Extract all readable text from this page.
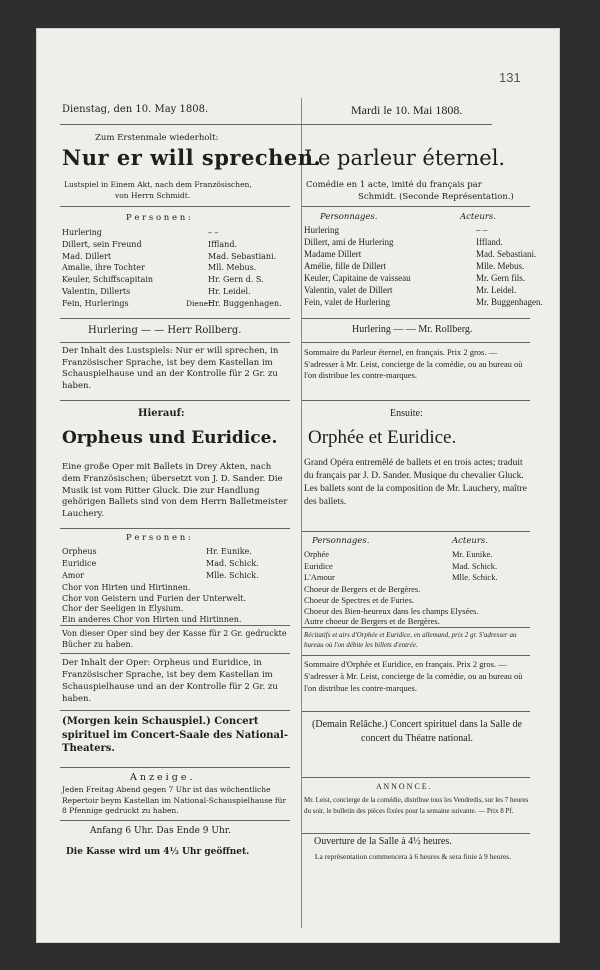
131
Dienstag, den 10. May 1808.	Mardi le 10. Mai 1808.
Zum Erstenmale wiederholt:
Nur er will sprechen.
Lustspiel in Einem Akt, nach dem Französischen,
von Herrn Schmidt.
P e r s o n e n :
Hurlering	– –
Dillert, sein Freund	Iffland.
Mad. Dillert	Mad. Sebastiani.
Amalie, ihre Tochter	Mll. Mebus.
Keuler, Schiffscapitain	Hr. Gern d. S.
Valentin, Dillerts	Hr. Leidel.
Fein, Hurlerings	Hr. Buggenhagen.
Diener.
Hurlering — — Herr Rollberg.
Der Inhalt des Lustspiels: Nur er will sprechen, in Französischer Sprache, ist bey dem Kastellan im Schauspielhause und an der Kontrolle für 2 Gr. zu haben.
Hierauf:
Orpheus und Euridice.
Eine große Oper mit Ballets in Drey Akten, nach dem Französischen; übersetzt von J. D. Sander. Die Musik ist vom Ritter Gluck. Die zur Handlung gehörigen Ballets sind von dem Herrn Balletmeister Lauchery.
P e r s o n e n :
Orpheus	Hr. Eunike.
Euridice	Mad. Schick.
Amor	Mlle. Schick.
Chor von Hirten und Hirtinnen.
Chor von Geistern und Furien der Unterwelt.
Chor der Seeligen in Elysium.
Ein anderes Chor von Hirten und Hirtinnen.
Von dieser Oper sind bey der Kasse für 2 Gr. gedruckte Bücher zu haben.
Der Inhalt der Oper: Orpheus und Euridice, in Französischer Sprache, ist bey dem Kastellan im Schauspielhause und an der Kontrolle für 2 Gr. zu haben.
(Morgen kein Schauspiel.) Concert spirituel im Concert-Saale des National-Theaters.
A n z e i g e .
Jeden Freitag Abend gegen 7 Uhr ist das wöchentliche Repertoir beym Kastellan im National-Schauspielhause für 8 Pfennige gedruckt zu haben.
Anfang 6 Uhr. Das Ende 9 Uhr.
Die Kasse wird um 4½ Uhr geöffnet.
Le parleur éternel.
Comédie en 1 acte, imité du français par
Schmidt. (Seconde Représentation.)
Personnages.	Acteurs.
Hurlering	– –
Dillert, ami de Hurlering	Iffland.
Madame Dillert	Mad. Sebastiani.
Amélie, fille de Dillert	Mlle. Mebus.
Keuler, Capitaine de vaisseau	Mr. Gern fils.
Valentin, valet de Dillert	Mr. Leidel.
Fein, valet de Hurlering	Mr. Buggenhagen.
Hurlering — — Mr. Rollberg.
Sommaire du Parleur éternel, en français. Prix 2 gros. — S'adresser à Mr. Leist, concierge de la comédie, ou au bureau où l'on distribue les contre-marques.
Ensuite:
Orphée et Euridice.
Grand Opéra entremêlé de ballets et en trois actes; traduit du français par J. D. Sander. Musique du chevalier Gluck. Les ballets sont de la composition de Mr. Lauchery, maître des ballets.
Personnages.	Acteurs.
Orphée	Mr. Eunike.
Euridice	Mad. Schick.
L'Amour	Mlle. Schick.
Choeur de Bergers et de Bergères.
Choeur de Spectres et de Furies.
Choeur des Bien-heureux dans les champs Elysées.
Autre choeur de Bergers et de Bergères.
Récitatifs et airs d'Orphée et Euridice, en allemand, prix 2 gr. S'adresser au bureau où l'on débite les billets d'entrée.
Sommaire d'Orphée et Euridice, en français. Prix 2 gros. — S'adresser à Mr. Leist, concierge de la comédie, ou au bureau où l'on distribue les contre-marques.
(Demain Relâche.) Concert spirituel dans la Salle de concert du Théatre national.
A N N O N C E .
Mr. Leist, concierge de la comédie, distribue tous les Vendredis, sur les 7 heures du soir, le bulletin des pièces fixées pour la semaine suivante. — Prix 8 Pf.
Ouverture de la Salle à 4½ heures.
La représentation commencera à 6 heures & sera finie à 9 heures.
